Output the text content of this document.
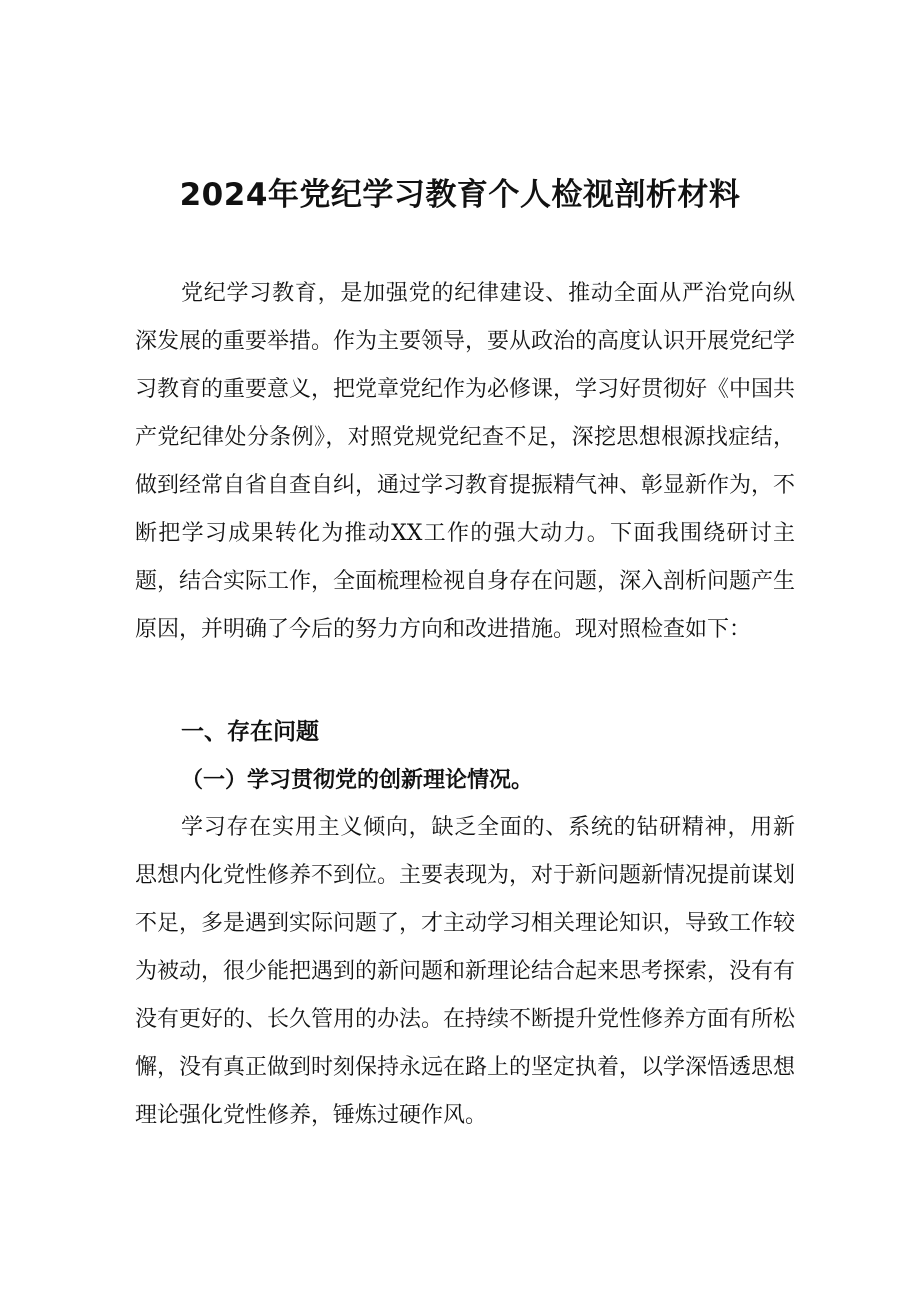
2024年党纪学习教育个人检视剖析材料

党纪学习教育，是加强党的纪律建设、推动全面从严治党向纵深发展的重要举措。作为主要领导，要从政治的高度认识开展党纪学习教育的重要意义，把党章党纪作为必修课，学习好贯彻好《中国共产党纪律处分条例》，对照党规党纪查不足，深挖思想根源找症结，做到经常自省自查自纠，通过学习教育提振精气神、彰显新作为，不断把学习成果转化为推动XX工作的强大动力。下面我围绕研讨主题，结合实际工作，全面梳理检视自身存在问题，深入剖析问题产生原因，并明确了今后的努力方向和改进措施。现对照检查如下：

一、存在问题
（一）学习贯彻党的创新理论情况。

学习存在实用主义倾向，缺乏全面的、系统的钻研精神，用新思想内化党性修养不到位。主要表现为，对于新问题新情况提前谋划不足，多是遇到实际问题了，才主动学习相关理论知识，导致工作较为被动，很少能把遇到的新问题和新理论结合起来思考探索，没有有没有更好的、长久管用的办法。在持续不断提升党性修养方面有所松懈，没有真正做到时刻保持永远在路上的坚定执着，以学深悟透思想理论强化党性修养，锤炼过硬作风。
